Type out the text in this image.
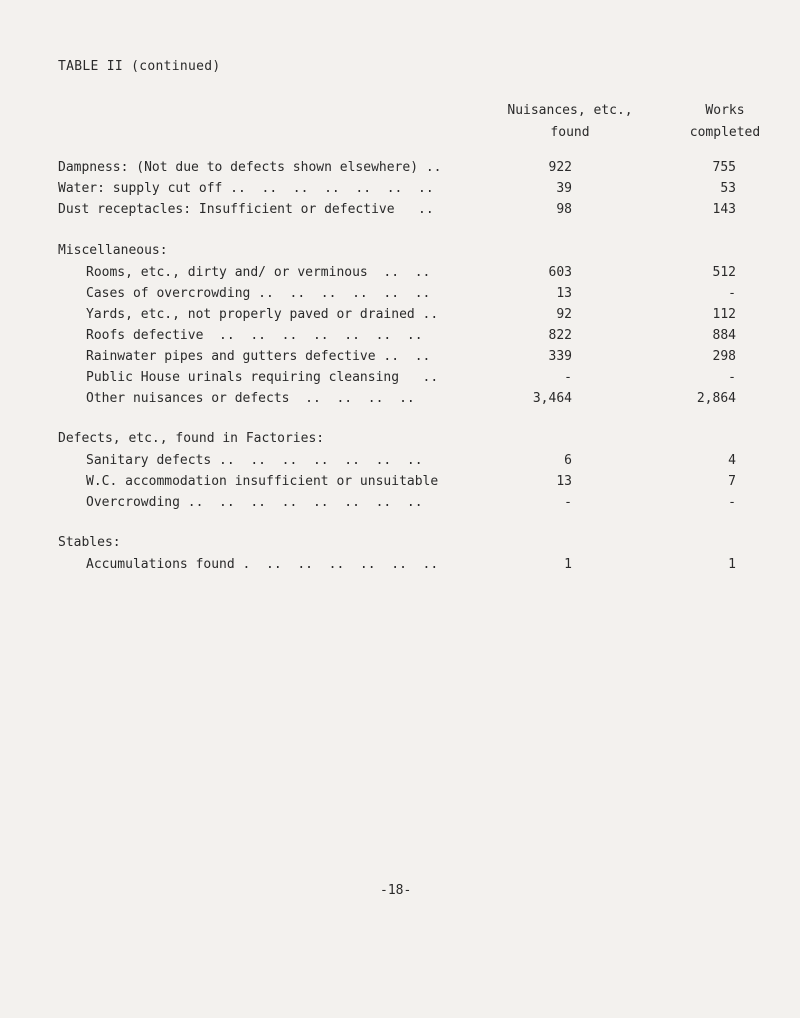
TABLE II (continued)
Nuisances, etc.,
found
Works
completed
Dampness: (Not due to defects shown elsewhere) ..	922	755
Water: supply cut off ..  ..  ..  ..  ..  ..  ..	39	53
Dust receptacles: Insufficient or defective   ..	98	143
Miscellaneous:
Rooms, etc., dirty and/ or verminous  ..  ..	603	512
Cases of overcrowding ..  ..  ..  ..  ..  ..	13	-
Yards, etc., not properly paved or drained ..	92	112
Roofs defective  ..  ..  ..  ..  ..  ..  ..	822	884
Rainwater pipes and gutters defective ..  ..	339	298
Public House urinals requiring cleansing   ..	-	-
Other nuisances or defects  ..  ..  ..  ..	3,464	2,864
Defects, etc., found in Factories:
Sanitary defects ..  ..  ..  ..  ..  ..  ..	6	4
W.C. accommodation insufficient or unsuitable	13	7
Overcrowding ..  ..  ..  ..  ..  ..  ..  ..	-	-
Stables:
Accumulations found .  ..  ..  ..  ..  ..  ..	1	1
-18-
